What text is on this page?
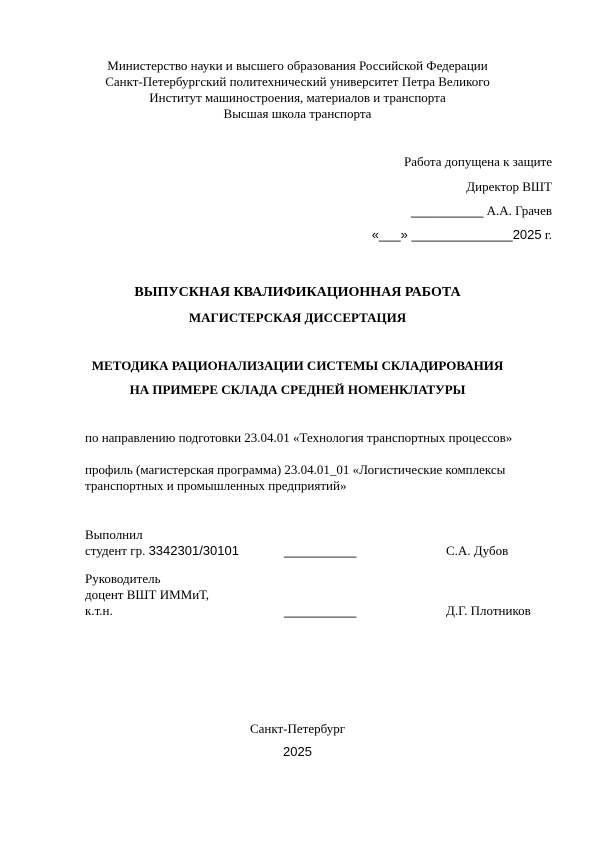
Министерство науки и высшего образования Российской Федерации
Санкт-Петербургский политехнический университет Петра Великого
Институт машиностроения, материалов и транспорта
Высшая школа транспорта
Работа допущена к защите
Директор ВШТ
__________ А.А. Грачев
«___» ______________2025 г.
ВЫПУСКНАЯ КВАЛИФИКАЦИОННАЯ РАБОТА
МАГИСТЕРСКАЯ ДИССЕРТАЦИЯ
МЕТОДИКА РАЦИОНАЛИЗАЦИИ СИСТЕМЫ СКЛАДИРОВАНИЯ
НА ПРИМЕРЕ СКЛАДА СРЕДНЕЙ НОМЕНКЛАТУРЫ
по направлению подготовки 23.04.01 «Технология транспортных процессов»
профиль (магистерская программа) 23.04.01_01 «Логистические комплексы
транспортных и промышленных предприятий»
Выполнил
студент гр. 3342301/30101	__________	С.А. Дубов
Руководитель
доцент ВШТ ИММиТ,
к.т.н.	__________	Д.Г. Плотников
Санкт-Петербург
2025
